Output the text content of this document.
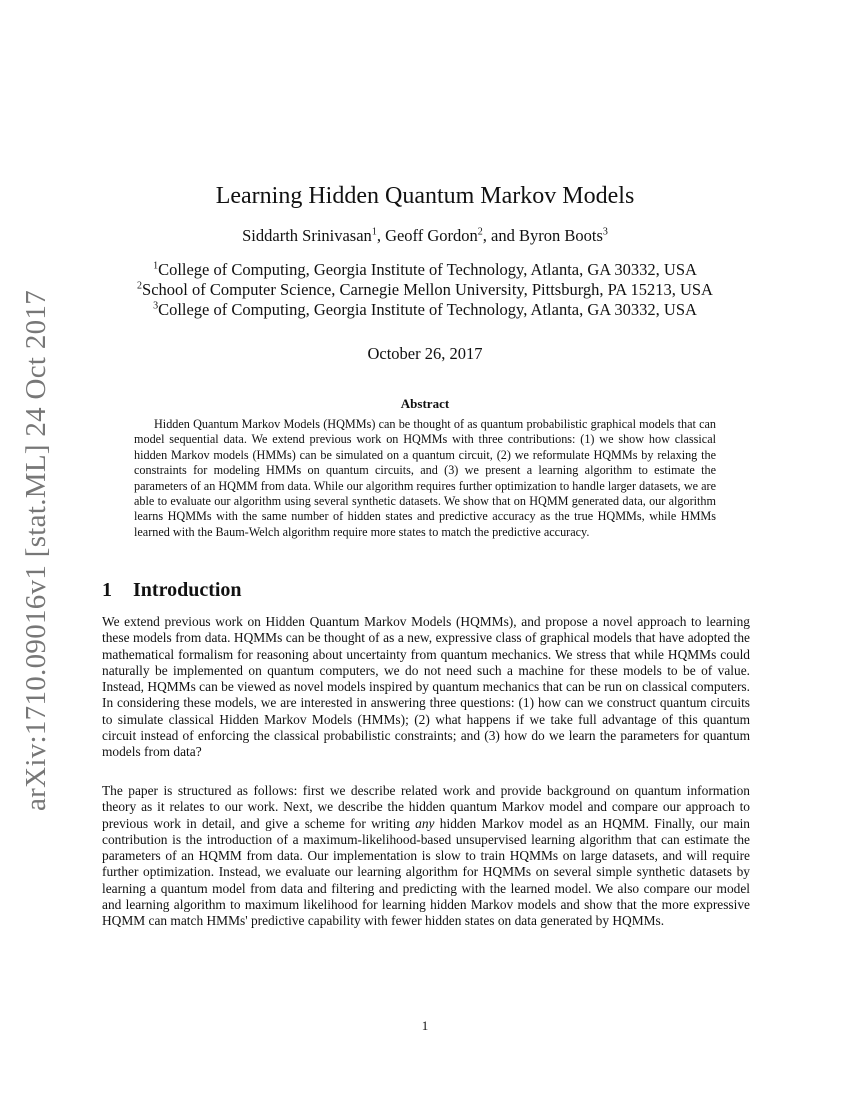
arXiv:1710.09016v1 [stat.ML] 24 Oct 2017
Learning Hidden Quantum Markov Models
Siddarth Srinivasan$^1$, Geoff Gordon$^2$, and Byron Boots$^3$
$^1$College of Computing, Georgia Institute of Technology, Atlanta, GA 30332, USA
$^2$School of Computer Science, Carnegie Mellon University, Pittsburgh, PA 15213, USA
$^3$College of Computing, Georgia Institute of Technology, Atlanta, GA 30332, USA
October 26, 2017
Abstract

Hidden Quantum Markov Models (HQMMs) can be thought of as quantum probabilistic graphical models that can model sequential data. We extend previous work on HQMMs with three contributions: (1) we show how classical hidden Markov models (HMMs) can be simulated on a quantum circuit, (2) we reformulate HQMMs by relaxing the constraints for modeling HMMs on quantum circuits, and (3) we present a learning algorithm to estimate the parameters of an HQMM from data. While our algorithm requires further optimization to handle larger datasets, we are able to evaluate our algorithm using several synthetic datasets. We show that on HQMM generated data, our algorithm learns HQMMs with the same number of hidden states and predictive accuracy as the true HQMMs, while HMMs learned with the Baum-Welch algorithm require more states to match the predictive accuracy.

1 Introduction

We extend previous work on Hidden Quantum Markov Models (HQMMs), and propose a novel approach to learning these models from data. HQMMs can be thought of as a new, expressive class of graphical models that have adopted the mathematical formalism for reasoning about uncertainty from quantum mechanics. We stress that while HQMMs could naturally be implemented on quantum computers, we do not need such a machine for these models to be of value. Instead, HQMMs can be viewed as novel models inspired by quantum mechanics that can be run on classical computers. In considering these models, we are interested in answering three questions: (1) how can we construct quantum circuits to simulate classical Hidden Markov Models (HMMs); (2) what happens if we take full advantage of this quantum circuit instead of enforcing the classical probabilistic constraints; and (3) how do we learn the parameters for quantum models from data?

The paper is structured as follows: first we describe related work and provide background on quantum information theory as it relates to our work. Next, we describe the hidden quantum Markov model and compare our approach to previous work in detail, and give a scheme for writing any hidden Markov model as an HQMM. Finally, our main contribution is the introduction of a maximum-likelihood-based unsupervised learning algorithm that can estimate the parameters of an HQMM from data. Our implementation is slow to train HQMMs on large datasets, and will require further optimization. Instead, we evaluate our learning algorithm for HQMMs on several simple synthetic datasets by learning a quantum model from data and filtering and predicting with the learned model. We also compare our model and learning algorithm to maximum likelihood for learning hidden Markov models and show that the more expressive HQMM can match HMMs' predictive capability with fewer hidden states on data generated by HQMMs.

1
